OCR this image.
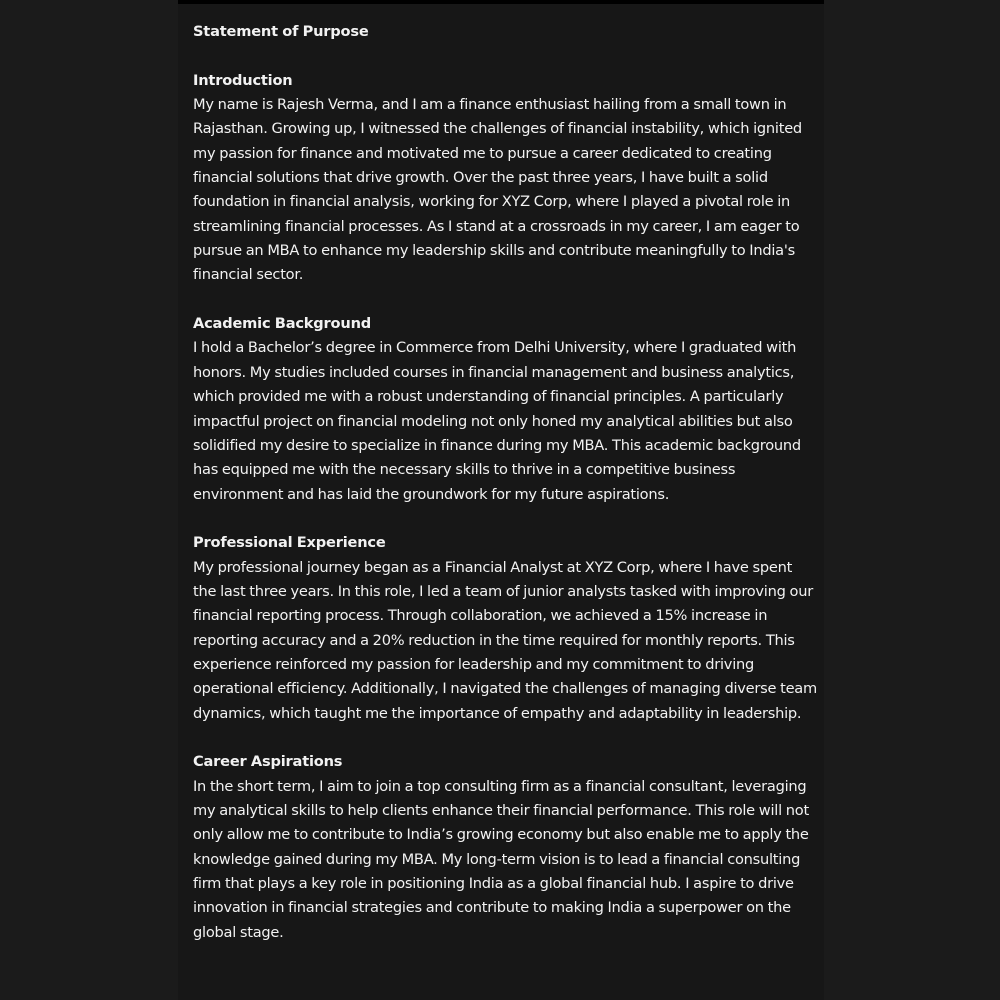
Statement of Purpose

Introduction

My name is Rajesh Verma, and I am a finance enthusiast hailing from a small town in Rajasthan. Growing up, I witnessed the challenges of financial instability, which ignited my passion for finance and motivated me to pursue a career dedicated to creating financial solutions that drive growth. Over the past three years, I have built a solid foundation in financial analysis, working for XYZ Corp, where I played a pivotal role in streamlining financial processes. As I stand at a crossroads in my career, I am eager to pursue an MBA to enhance my leadership skills and contribute meaningfully to India's financial sector.

Academic Background

I hold a Bachelor’s degree in Commerce from Delhi University, where I graduated with honors. My studies included courses in financial management and business analytics, which provided me with a robust understanding of financial principles. A particularly impactful project on financial modeling not only honed my analytical abilities but also solidified my desire to specialize in finance during my MBA. This academic background has equipped me with the necessary skills to thrive in a competitive business environment and has laid the groundwork for my future aspirations.

Professional Experience

My professional journey began as a Financial Analyst at XYZ Corp, where I have spent the last three years. In this role, I led a team of junior analysts tasked with improving our financial reporting process. Through collaboration, we achieved a 15% increase in reporting accuracy and a 20% reduction in the time required for monthly reports. This experience reinforced my passion for leadership and my commitment to driving operational efficiency. Additionally, I navigated the challenges of managing diverse team dynamics, which taught me the importance of empathy and adaptability in leadership.

Career Aspirations

In the short term, I aim to join a top consulting firm as a financial consultant, leveraging my analytical skills to help clients enhance their financial performance. This role will not only allow me to contribute to India’s growing economy but also enable me to apply the knowledge gained during my MBA. My long-term vision is to lead a financial consulting firm that plays a key role in positioning India as a global financial hub. I aspire to drive innovation in financial strategies and contribute to making India a superpower on the global stage.
